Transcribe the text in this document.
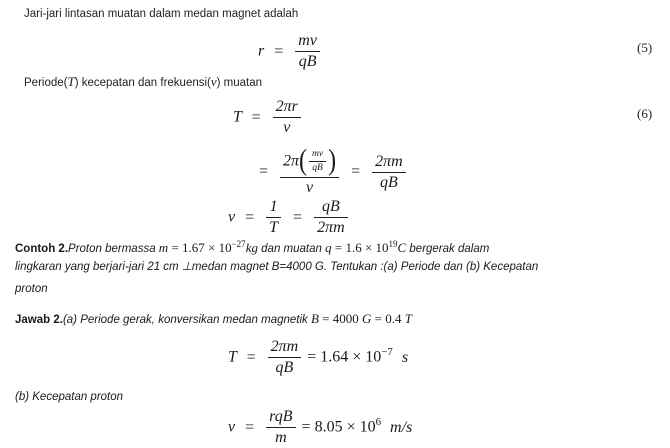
Jari-jari lintasan muatan dalam medan magnet adalah
$r = \frac{mv}{qB}$	(5)
Periode(T) kecepatan dan frekuensi(ν) muatan
$T = \frac{2\pi r}{v}$	(6)
= $\frac{2\pi( \frac{mv}{qB} )}{v} = \frac{2\pi m}{qB}$
$\nu = \frac{1}{T} = \frac{qB}{2\pi m}$
Contoh 2.Proton bermassa $m = 1.67 \times 10^{-27}kg$ dan muatan $q = 1.6 \times 10^{19}C$ bergerak dalam
lingkaran yang berjari-jari 21 cm ⊥medan magnet B=4000 G. Tentukan :(a) Periode dan (b) Kecepatan
proton
Jawab 2.(a) Periode gerak, konversikan medan magnetik B = 4000 G = 0.4 T
$T = \frac{2\pi m}{qB} = 1.64 \times 10^{-7}$ s
(b) Kecepatan proton
$v = \frac{\text{rqB}}{m} = 8.05 \times 10^6$ m/s
